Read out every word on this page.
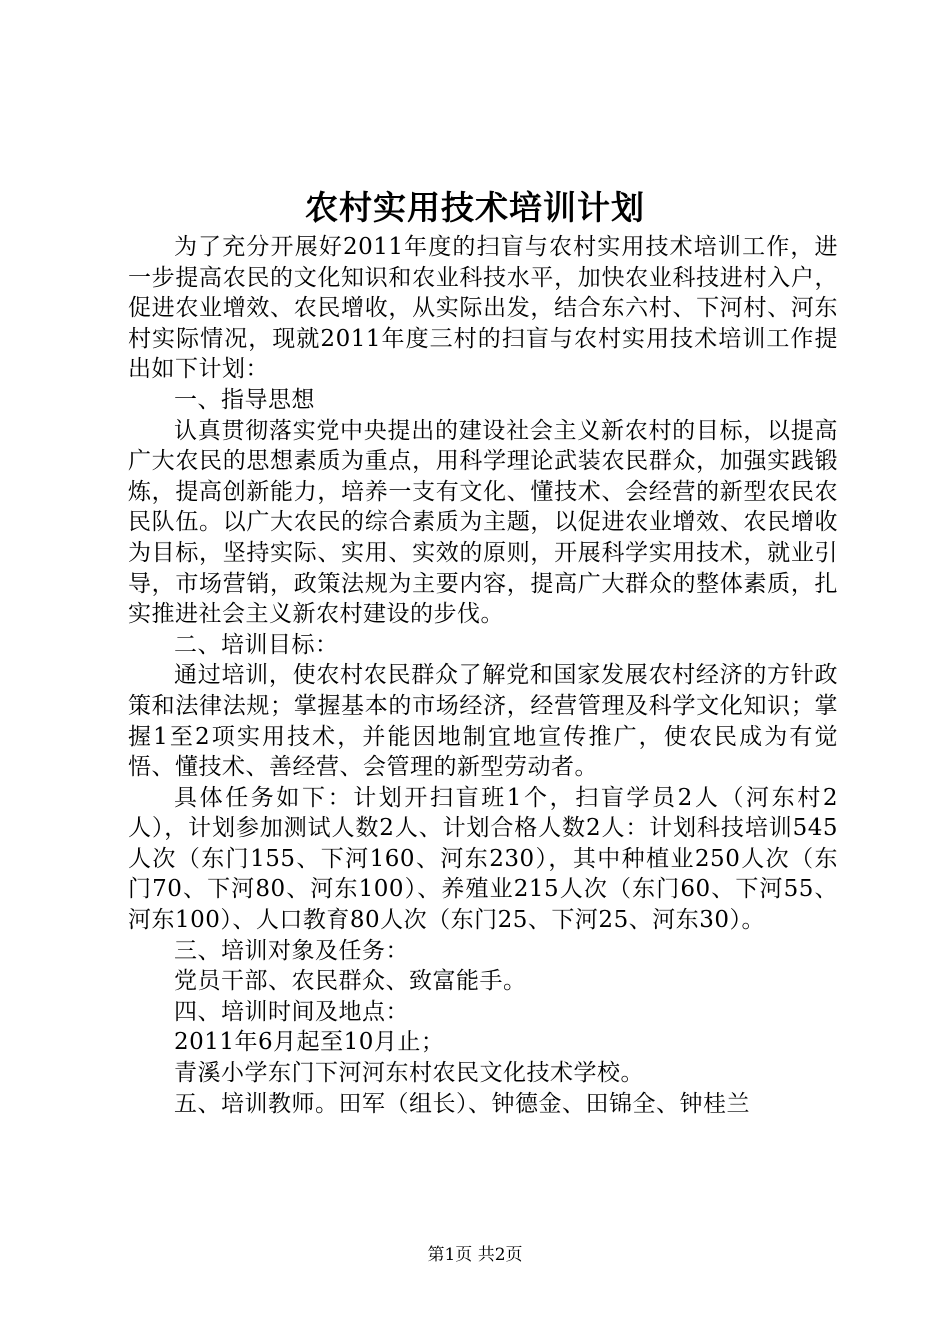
农村实用技术培训计划

为了充分开展好2011年度的扫盲与农村实用技术培训工作，进一步提高农民的文化知识和农业科技水平，加快农业科技进村入户，促进农业增效、农民增收，从实际出发，结合东六村、下河村、河东村实际情况，现就2011年度三村的扫盲与农村实用技术培训工作提出如下计划：

一、指导思想

认真贯彻落实党中央提出的建设社会主义新农村的目标，以提高广大农民的思想素质为重点，用科学理论武装农民群众，加强实践锻炼，提高创新能力，培养一支有文化、懂技术、会经营的新型农民农民队伍。以广大农民的综合素质为主题，以促进农业增效、农民增收为目标，坚持实际、实用、实效的原则，开展科学实用技术，就业引导，市场营销，政策法规为主要内容，提高广大群众的整体素质，扎实推进社会主义新农村建设的步伐。

二、培训目标：

通过培训，使农村农民群众了解党和国家发展农村经济的方针政策和法律法规；掌握基本的市场经济，经营管理及科学文化知识；掌握1至2项实用技术，并能因地制宜地宣传推广，使农民成为有觉悟、懂技术、善经营、会管理的新型劳动者。

具体任务如下：计划开扫盲班1个，扫盲学员2人（河东村2人），计划参加测试人数2人、计划合格人数2人：计划科技培训545人次（东门155、下河160、河东230），其中种植业250人次（东门70、下河80、河东100）、养殖业215人次（东门60、下河55、河东100）、人口教育80人次（东门25、下河25、河东30）。

三、培训对象及任务：

党员干部、农民群众、致富能手。

四、培训时间及地点：

2011年6月起至10月止；

青溪小学东门下河河东村农民文化技术学校。

五、培训教师。田军（组长）、钟德金、田锦全、钟桂兰

第1页 共2页
